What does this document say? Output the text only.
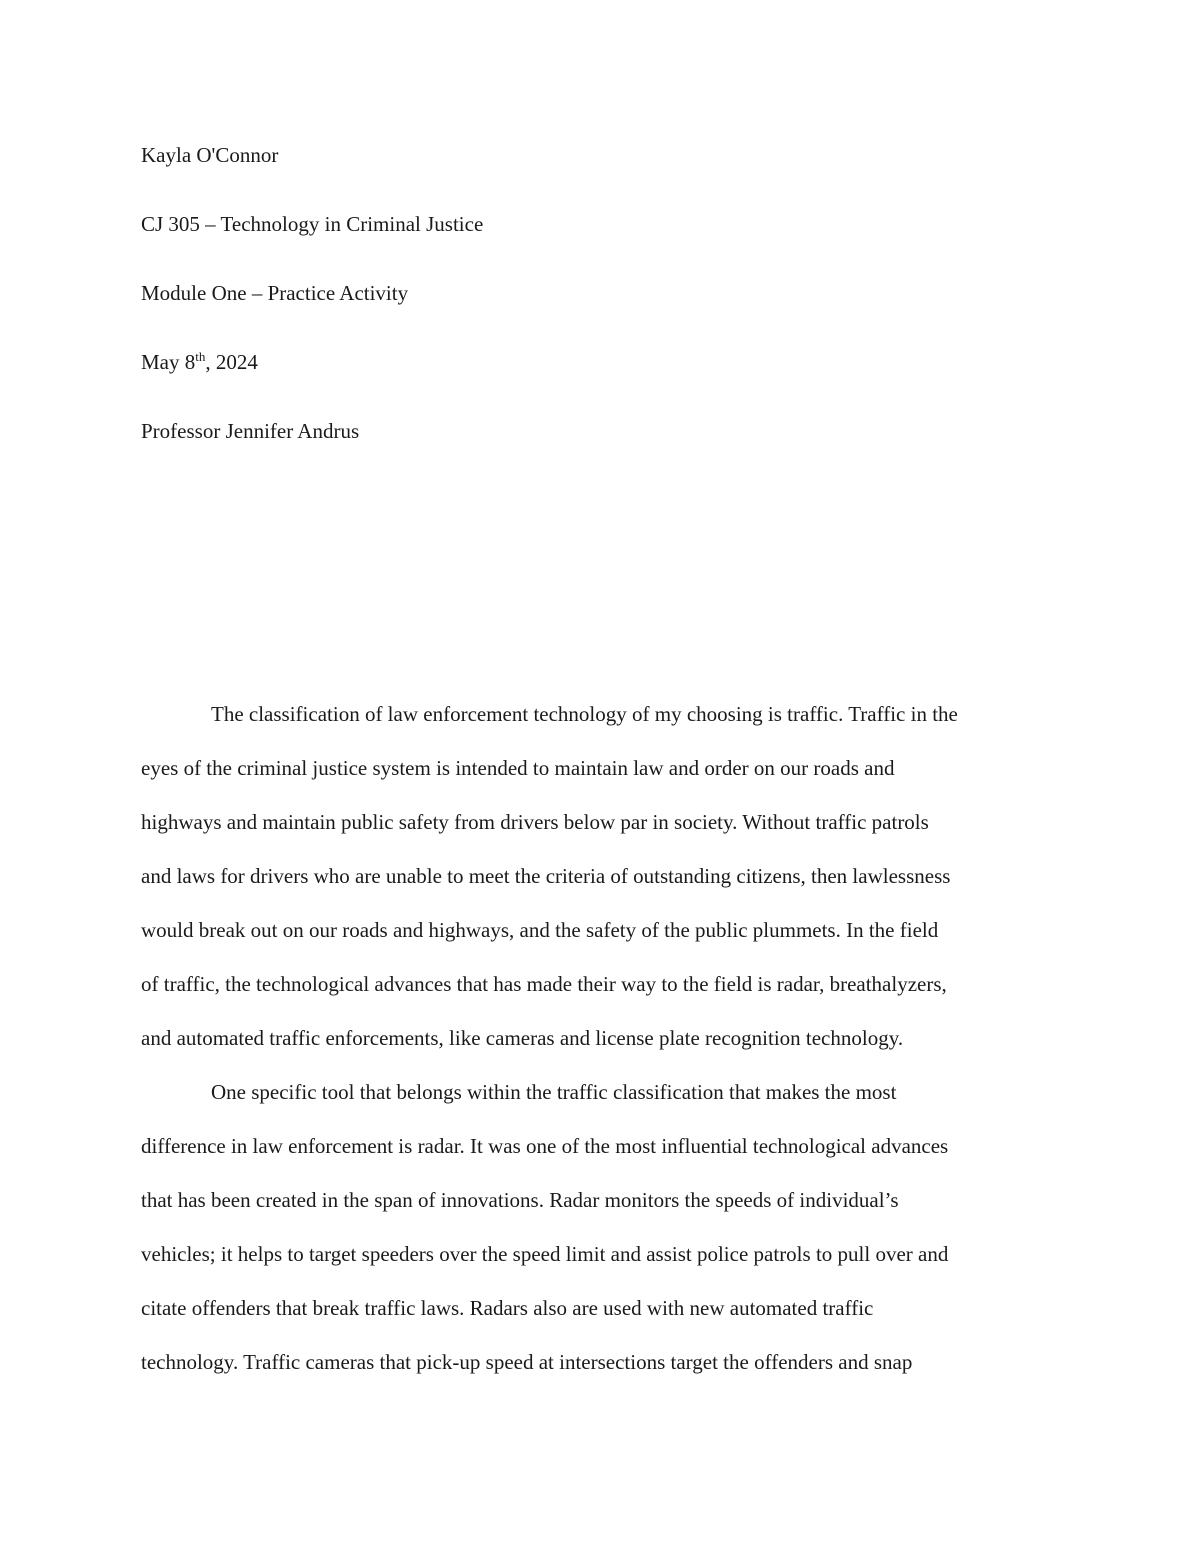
Kayla O'Connor
CJ 305 – Technology in Criminal Justice
Module One – Practice Activity
May 8th, 2024
Professor Jennifer Andrus
The classification of law enforcement technology of my choosing is traffic. Traffic in the
eyes of the criminal justice system is intended to maintain law and order on our roads and
highways and maintain public safety from drivers below par in society. Without traffic patrols
and laws for drivers who are unable to meet the criteria of outstanding citizens, then lawlessness
would break out on our roads and highways, and the safety of the public plummets. In the field
of traffic, the technological advances that has made their way to the field is radar, breathalyzers,
and automated traffic enforcements, like cameras and license plate recognition technology.
One specific tool that belongs within the traffic classification that makes the most
difference in law enforcement is radar. It was one of the most influential technological advances
that has been created in the span of innovations. Radar monitors the speeds of individual’s
vehicles; it helps to target speeders over the speed limit and assist police patrols to pull over and
citate offenders that break traffic laws. Radars also are used with new automated traffic
technology. Traffic cameras that pick-up speed at intersections target the offenders and snap
